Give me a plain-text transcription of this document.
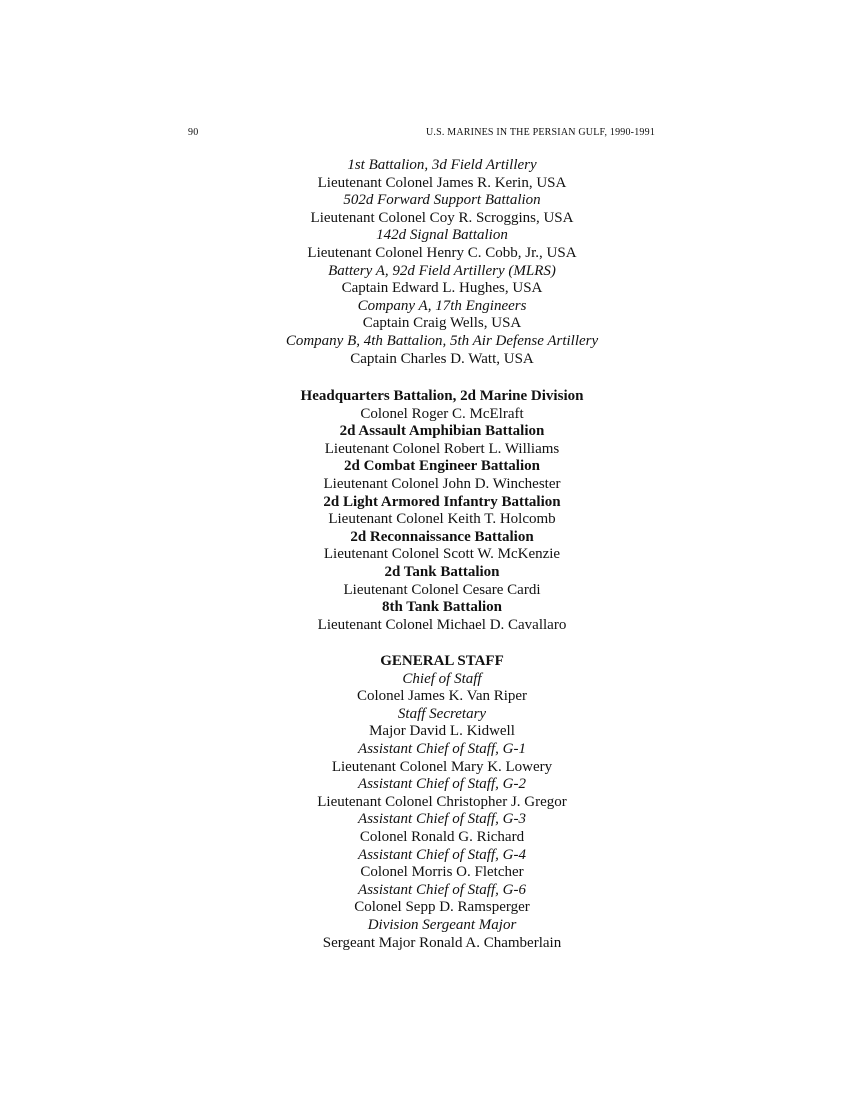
90	U.S. MARINES IN THE PERSIAN GULF, 1990-1991
1st Battalion, 3d Field Artillery
Lieutenant Colonel James R. Kerin, USA
502d Forward Support Battalion
Lieutenant Colonel Coy R. Scroggins, USA
142d Signal Battalion
Lieutenant Colonel Henry C. Cobb, Jr., USA
Battery A, 92d Field Artillery (MLRS)
Captain Edward L. Hughes, USA
Company A, 17th Engineers
Captain Craig Wells, USA
Company B, 4th Battalion, 5th Air Defense Artillery
Captain Charles D. Watt, USA
Headquarters Battalion, 2d Marine Division
Colonel Roger C. McElraft
2d Assault Amphibian Battalion
Lieutenant Colonel Robert L. Williams
2d Combat Engineer Battalion
Lieutenant Colonel John D. Winchester
2d Light Armored Infantry Battalion
Lieutenant Colonel Keith T. Holcomb
2d Reconnaissance Battalion
Lieutenant Colonel Scott W. McKenzie
2d Tank Battalion
Lieutenant Colonel Cesare Cardi
8th Tank Battalion
Lieutenant Colonel Michael D. Cavallaro
GENERAL STAFF
Chief of Staff
Colonel James K. Van Riper
Staff Secretary
Major David L. Kidwell
Assistant Chief of Staff, G-1
Lieutenant Colonel Mary K. Lowery
Assistant Chief of Staff, G-2
Lieutenant Colonel Christopher J. Gregor
Assistant Chief of Staff, G-3
Colonel Ronald G. Richard
Assistant Chief of Staff, G-4
Colonel Morris O. Fletcher
Assistant Chief of Staff, G-6
Colonel Sepp D. Ramsperger
Division Sergeant Major
Sergeant Major Ronald A. Chamberlain
